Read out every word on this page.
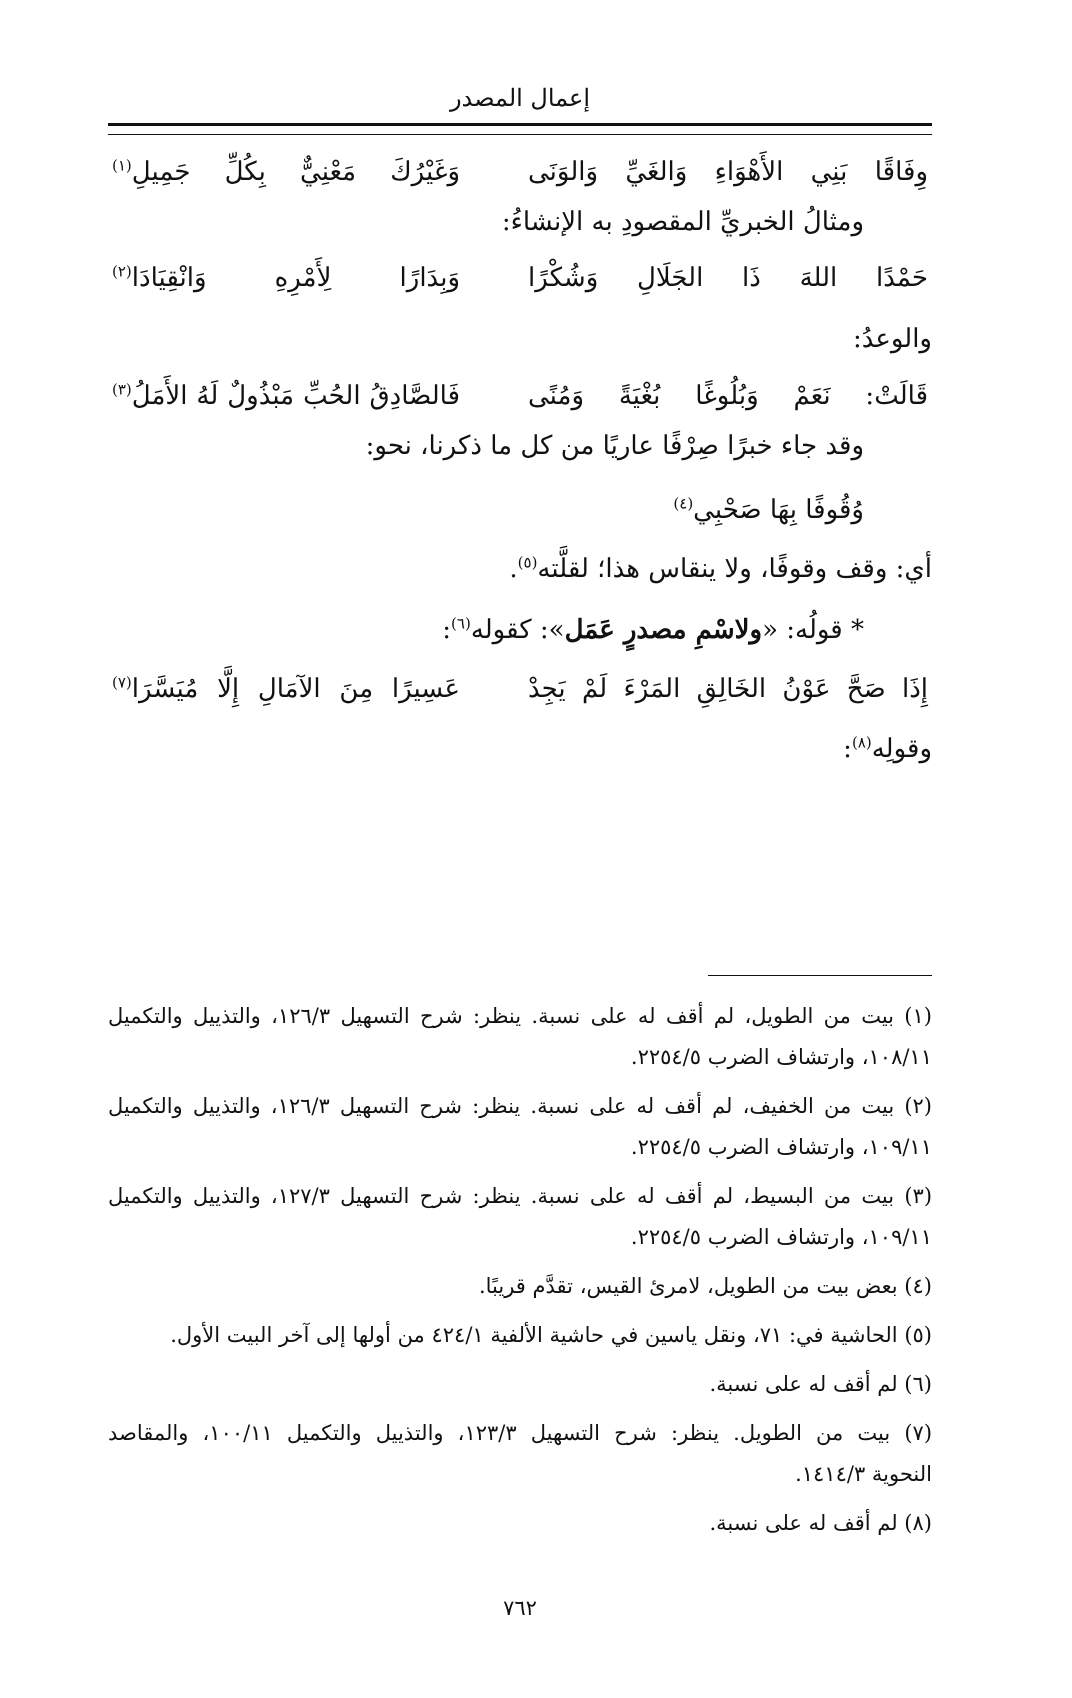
إعمال المصدر
وِفَاقًا بَنِي الأَهْوَاءِ وَالغَيِّ وَالوَنَى
وَغَيْرُكَ مَعْنِيٌّ بِكُلِّ جَمِيلِ$^{(١)}$
ومثالُ الخبريِّ المقصودِ به الإنشاءُ:
حَمْدًا اللهَ ذَا الجَلَالِ وَشُكْرًا
وَبِدَارًا لِأَمْرِهِ وَانْقِيَادَا$^{(٢)}$
والوعدُ:
قَالَتْ: نَعَمْ وَبُلُوغًا بُغْيَةً وَمُنًى
فَالصَّادِقُ الحُبِّ مَبْذُولٌ لَهُ الأَمَلُ$^{(٣)}$
وقد جاء خبرًا صِرْفًا عاريًا من كل ما ذكرنا، نحو:
وُقُوفًا بِهَا صَحْبِي$^{(٤)}$
أي: وقف وقوفًا، ولا ينقاس هذا؛ لقلَّته$^{(٥)}$.
* قولُه: «ولاسْمِ مصدرٍ عَمَل»: كقوله$^{(٦)}$:
إِذَا صَحَّ عَوْنُ الخَالِقِ المَرْءَ لَمْ يَجِدْ
عَسِيرًا مِنَ الآمَالِ إِلَّا مُيَسَّرَا$^{(٧)}$
وقولِه$^{(٨)}$:
(١) بيت من الطويل، لم أقف له على نسبة. ينظر: شرح التسهيل ١٢٦/٣، والتذييل والتكميل
١٠٨/١١، وارتشاف الضرب ٢٢٥٤/٥.
(٢) بيت من الخفيف، لم أقف له على نسبة. ينظر: شرح التسهيل ١٢٦/٣، والتذييل والتكميل
١٠٩/١١، وارتشاف الضرب ٢٢٥٤/٥.
(٣) بيت من البسيط، لم أقف له على نسبة. ينظر: شرح التسهيل ١٢٧/٣، والتذييل والتكميل
١٠٩/١١، وارتشاف الضرب ٢٢٥٤/٥.
(٤) بعض بيت من الطويل، لامرئ القيس، تقدَّم قريبًا.
(٥) الحاشية في: ٧١، ونقل ياسين في حاشية الألفية ٤٢٤/١ من أولها إلى آخر البيت الأول.
(٦) لم أقف له على نسبة.
(٧) بيت من الطويل. ينظر: شرح التسهيل ١٢٣/٣، والتذييل والتكميل ١٠٠/١١، والمقاصد
النحوية ١٤١٤/٣.
(٨) لم أقف له على نسبة.
٧٦٢
